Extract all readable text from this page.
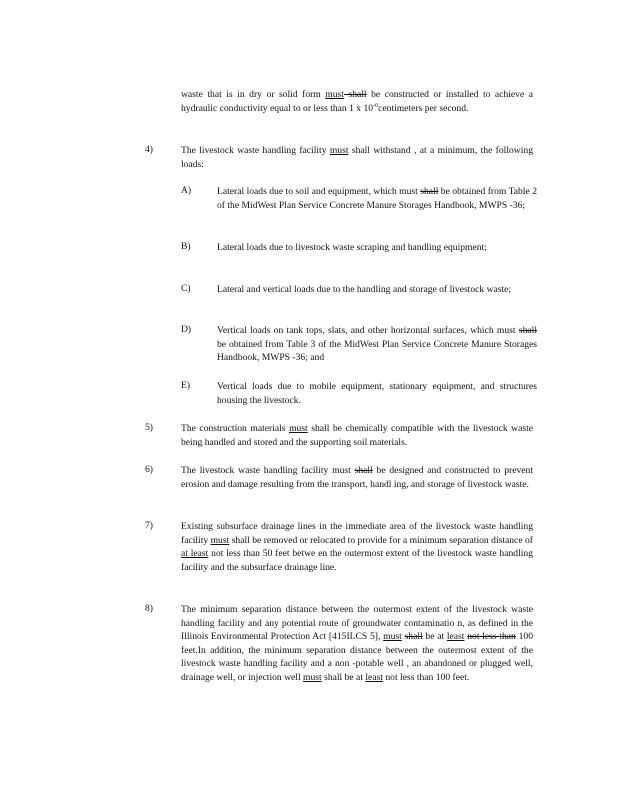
waste that is in dry or solid form must shall be constructed or installed to achieve a hydraulic conductivity equal to or less than 1 x $10^{-6}centimeters$ per second.

4)	The livestock waste handling facility must shall withstand , at a minimum, the following loads:

A)	Lateral loads due to soil and equipment, which must shall be obtained from Table 2 of the MidWest Plan Service Concrete Manure Storages Handbook, MWPS -36;

B)	Lateral loads due to livestock waste scraping and handling equipment;

C)	Lateral and vertical loads due to the handling and storage of livestock waste;

D)	Vertical loads on tank tops, slats, and other horizontal surfaces, which must shall be obtained from Table 3 of the MidWest Plan Service Concrete Manure Storages Handbook, MWPS -36; and

E)	Vertical loads due to mobile equipment, stationary equipment, and structures housing the livestock.

5)	The construction materials must shall be chemically compatible with the livestock waste being handled and stored and the supporting soil materials.

6)	The livestock waste handling facility must shall be designed and constructed to prevent erosion and damage resulting from the transport, handl ing, and storage of livestock waste.

7)	Existing subsurface drainage lines in the immediate area of the livestock waste handling facility must shall be removed or relocated to provide for a minimum separation distance of at least not less than 50 feet betwe en the outermost extent of the livestock waste handling facility and the subsurface drainage line.

8)	The minimum separation distance between the outermost extent of the livestock waste handling facility and any potential route of groundwater contaminatio n, as defined in the Illinois Environmental Protection Act [415ILCS 5], must shall be at least not less than 100 feet.In addition, the minimum separation distance between the outermost extent of the livestock waste handling facility and a non -potable well , an abandoned or plugged well, drainage well, or injection well must shall be at least not less than 100 feet.
